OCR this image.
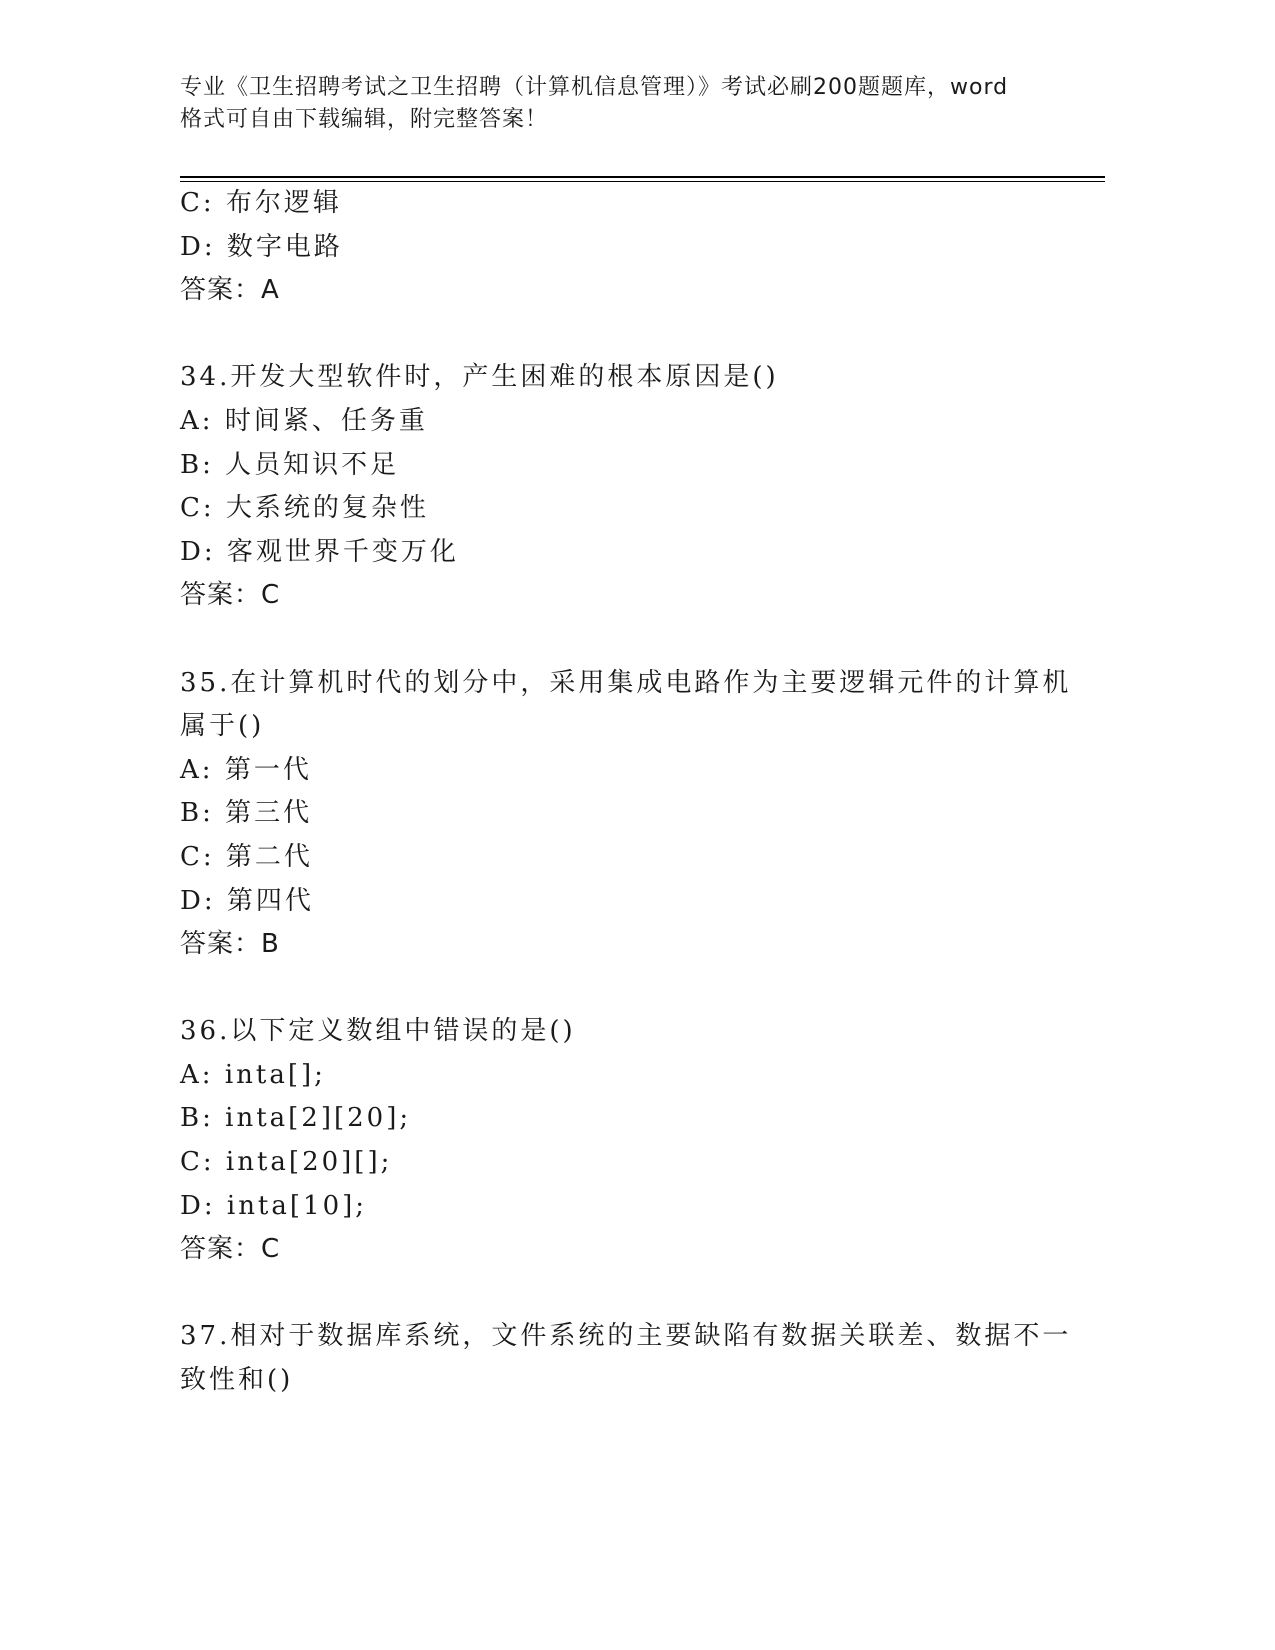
专业《卫生招聘考试之卫生招聘（计算机信息管理）》考试必刷200题题库，word
格式可自由下载编辑，附完整答案！
C: 布尔逻辑
D: 数字电路
答案：A
34.开发大型软件时，产生困难的根本原因是()
A: 时间紧、任务重
B: 人员知识不足
C: 大系统的复杂性
D: 客观世界千变万化
答案：C
35.在计算机时代的划分中，采用集成电路作为主要逻辑元件的计算机
属于()
A: 第一代
B: 第三代
C: 第二代
D: 第四代
答案：B
36.以下定义数组中错误的是()
A: inta[];
B: inta[2][20];
C: inta[20][];
D: inta[10];
答案：C
37.相对于数据库系统，文件系统的主要缺陷有数据关联差、数据不一
致性和()
